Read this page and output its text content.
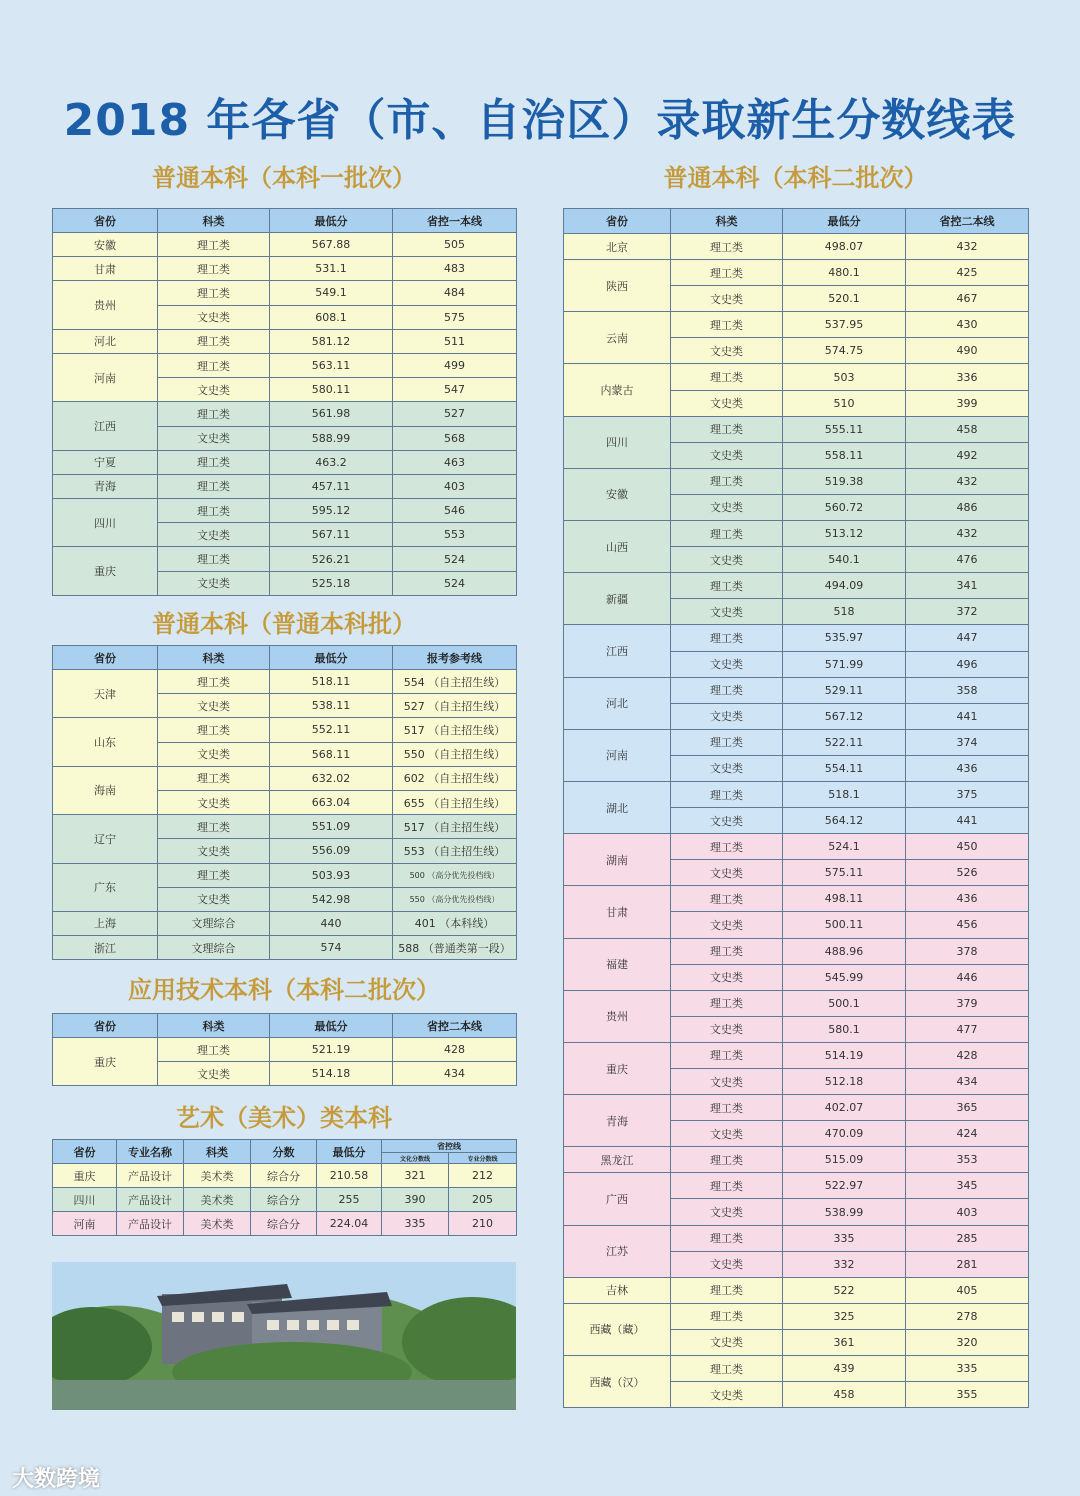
2018 年各省（市、自治区）录取新生分数线表
普通本科（本科一批次）
省份	科类	最低分	省控一本线
安徽	理工类	567.88	505
甘肃	理工类	531.1	483
贵州	理工类	549.1	484
	文史类	608.1	575
河北	理工类	581.12	511
河南	理工类	563.11	499
	文史类	580.11	547
江西	理工类	561.98	527
	文史类	588.99	568
宁夏	理工类	463.2	463
青海	理工类	457.11	403
四川	理工类	595.12	546
	文史类	567.11	553
重庆	理工类	526.21	524
	文史类	525.18	524
普通本科（普通本科批）
省份	科类	最低分	报考参考线
天津	理工类	518.11	554 （自主招生线）
	文史类	538.11	527 （自主招生线）
山东	理工类	552.11	517 （自主招生线）
	文史类	568.11	550 （自主招生线）
海南	理工类	632.02	602 （自主招生线）
	文史类	663.04	655 （自主招生线）
辽宁	理工类	551.09	517 （自主招生线）
	文史类	556.09	553 （自主招生线）
广东	理工类	503.93	500 （高分优先投档线）
	文史类	542.98	550 （高分优先投档线）
上海	文理综合	440	401 （本科线）
浙江	文理综合	574	588 （普通类第一段）
应用技术本科（本科二批次）
省份	科类	最低分	省控二本线
重庆	理工类	521.19	428
	文史类	514.18	434
艺术（美术）类本科
省份	专业名称	科类	分数	最低分	省控线	
					文化分数线	专业分数线
重庆	产品设计	美术类	综合分	210.58	321	212
四川	产品设计	美术类	综合分	255	390	205
河南	产品设计	美术类	综合分	224.04	335	210
普通本科（本科二批次）
省份	科类	最低分	省控二本线
北京	理工类	498.07	432
陕西	理工类	480.1	425
	文史类	520.1	467
云南	理工类	537.95	430
	文史类	574.75	490
内蒙古	理工类	503	336
	文史类	510	399
四川	理工类	555.11	458
	文史类	558.11	492
安徽	理工类	519.38	432
	文史类	560.72	486
山西	理工类	513.12	432
	文史类	540.1	476
新疆	理工类	494.09	341
	文史类	518	372
江西	理工类	535.97	447
	文史类	571.99	496
河北	理工类	529.11	358
	文史类	567.12	441
河南	理工类	522.11	374
	文史类	554.11	436
湖北	理工类	518.1	375
	文史类	564.12	441
湖南	理工类	524.1	450
	文史类	575.11	526
甘肃	理工类	498.11	436
	文史类	500.11	456
福建	理工类	488.96	378
	文史类	545.99	446
贵州	理工类	500.1	379
	文史类	580.1	477
重庆	理工类	514.19	428
	文史类	512.18	434
青海	理工类	402.07	365
	文史类	470.09	424
黑龙江	理工类	515.09	353
广西	理工类	522.97	345
	文史类	538.99	403
江苏	理工类	335	285
	文史类	332	281
吉林	理工类	522	405
西藏（藏）	理工类	325	278
	文史类	361	320
西藏（汉）	理工类	439	335
	文史类	458	355
大数跨境
